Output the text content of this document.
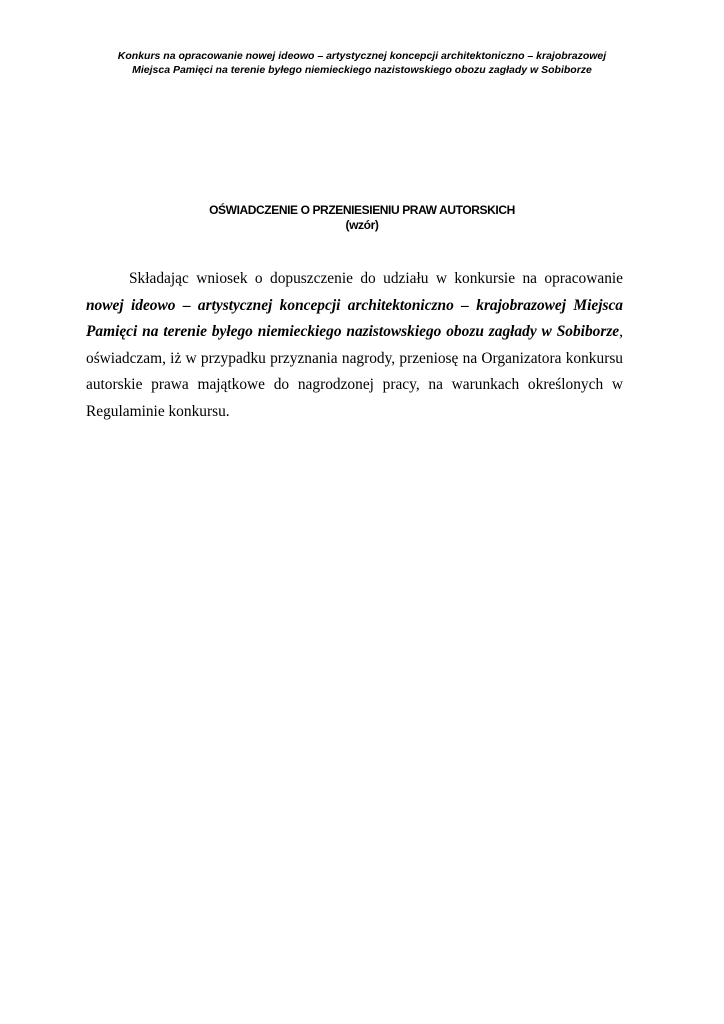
Konkurs na opracowanie nowej ideowo – artystycznej koncepcji architektoniczno – krajobrazowej
Miejsca Pamięci na terenie byłego niemieckiego nazistowskiego obozu zagłady w Sobiborze
OŚWIADCZENIE O PRZENIESIENIU PRAW AUTORSKICH
(wzór)

Składając wniosek o dopuszczenie do udziału w konkursie na opracowanie nowej ideowo – artystycznej koncepcji architektoniczno – krajobrazowej Miejsca Pamięci na terenie byłego niemieckiego nazistowskiego obozu zagłady w Sobiborze, oświadczam, iż w przypadku przyznania nagrody, przeniosę na Organizatora konkursu autorskie prawa majątkowe do nagrodzonej pracy, na warunkach określonych w Regulaminie konkursu.
